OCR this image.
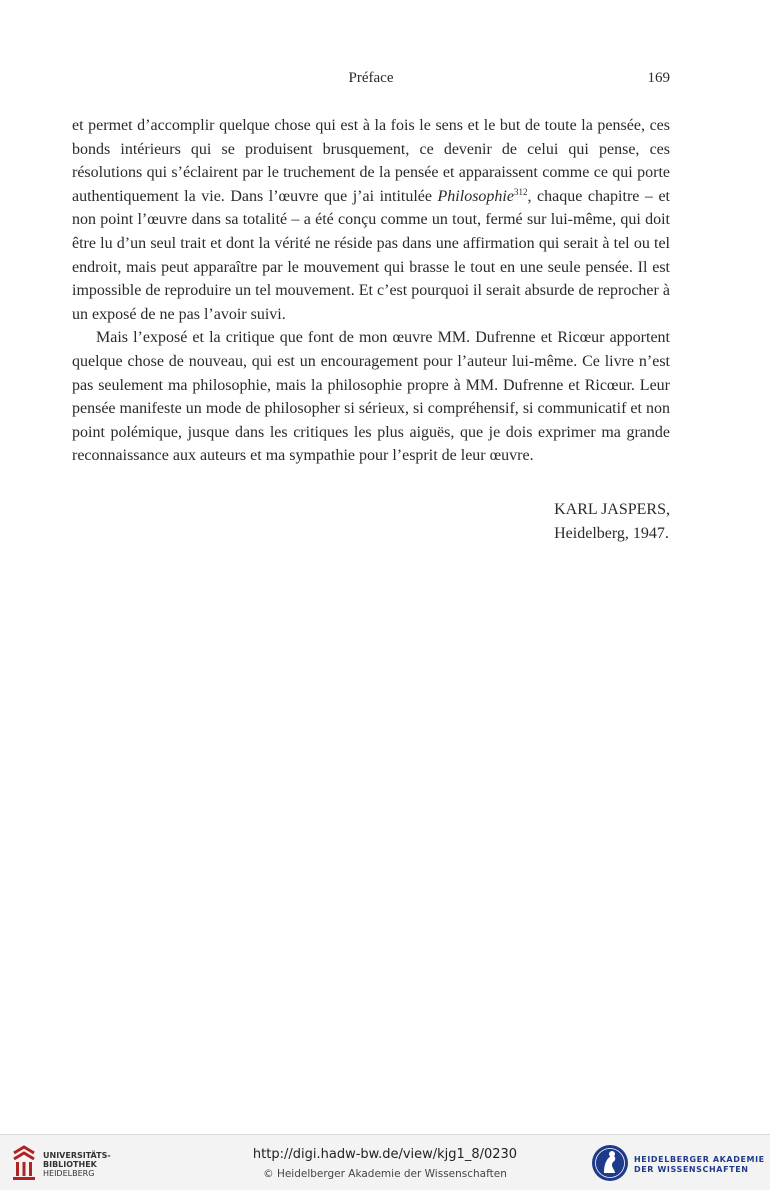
Préface	169

et permet d’accomplir quelque chose qui est à la fois le sens et le but de toute la pensée, ces bonds intérieurs qui se produisent brusquement, ce devenir de celui qui pense, ces résolutions qui s’éclairent par le truchement de la pensée et apparaissent comme ce qui porte authentiquement la vie. Dans l’œuvre que j’ai intitulée Philosophie$^{312}$, chaque chapitre – et non point l’œuvre dans sa totalité – a été conçu comme un tout, fermé sur lui-même, qui doit être lu d’un seul trait et dont la vérité ne réside pas dans une affirmation qui serait à tel ou tel endroit, mais peut apparaître par le mouvement qui brasse le tout en une seule pensée. Il est impossible de reproduire un tel mouvement. Et c’est pourquoi il serait absurde de reprocher à un exposé de ne pas l’avoir suivi.

Mais l’exposé et la critique que font de mon œuvre MM. Dufrenne et Ricœur apportent quelque chose de nouveau, qui est un encouragement pour l’auteur lui-même. Ce livre n’est pas seulement ma philosophie, mais la philosophie propre à MM. Dufrenne et Ricœur. Leur pensée manifeste un mode de philosopher si sérieux, si compréhensif, si communicatif et non point polémique, jusque dans les critiques les plus aiguës, que je dois exprimer ma grande reconnaissance aux auteurs et ma sympathie pour l’esprit de leur œuvre.

KARL JASPERS,
Heidelberg, 1947.
UNIVERSITÄTS-
BIBLIOTHEK
HEIDELBERG
http://digi.hadw-bw.de/view/kjg1_8/0230
© Heidelberger Akademie der Wissenschaften
HEIDELBERGER AKADEMIE
DER WISSENSCHAFTEN
